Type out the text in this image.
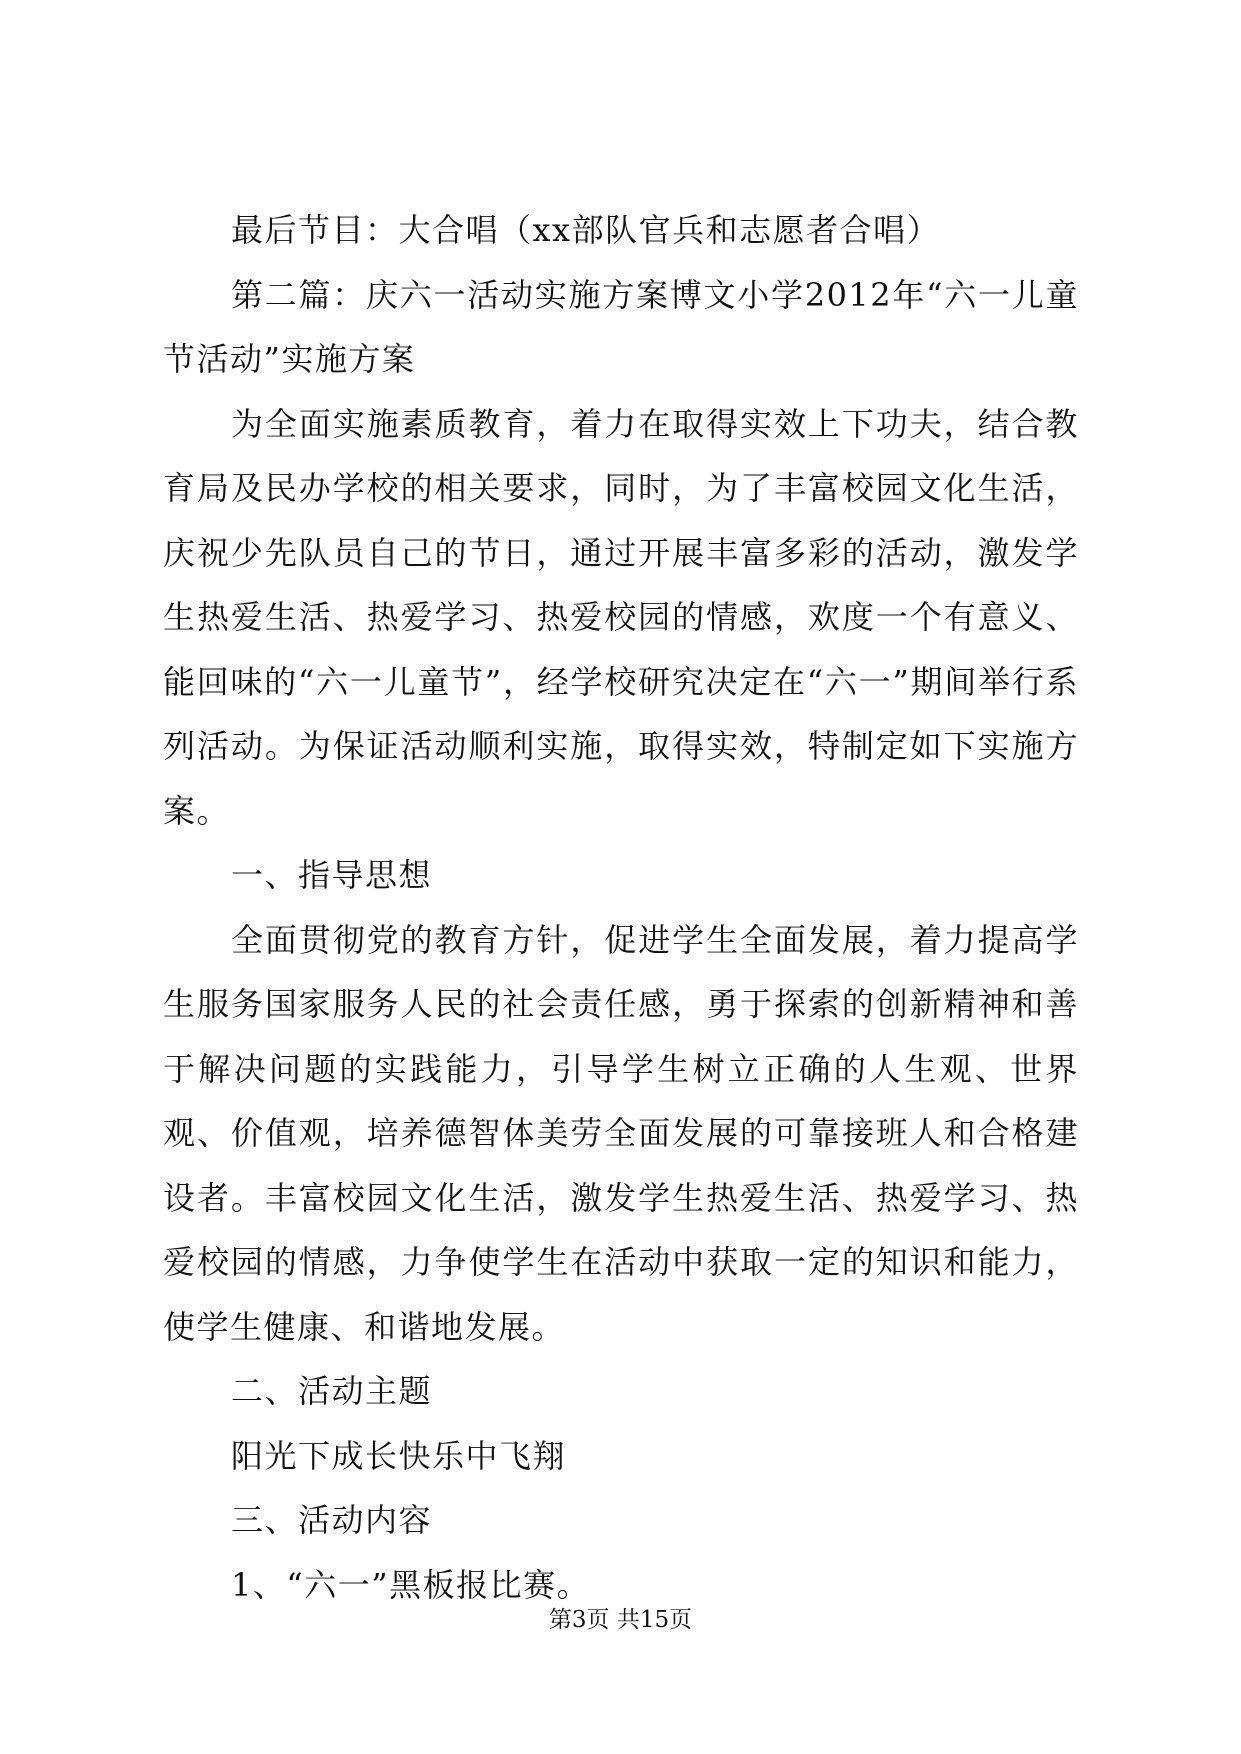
最后节目：大合唱（xx部队官兵和志愿者合唱）

第二篇：庆六一活动实施方案博文小学2012年“六一儿童节活动”实施方案

为全面实施素质教育，着力在取得实效上下功夫，结合教育局及民办学校的相关要求，同时，为了丰富校园文化生活，庆祝少先队员自己的节日，通过开展丰富多彩的活动，激发学生热爱生活、热爱学习、热爱校园的情感，欢度一个有意义、能回味的“六一儿童节”，经学校研究决定在“六一”期间举行系列活动。为保证活动顺利实施，取得实效，特制定如下实施方案。

一、指导思想

全面贯彻党的教育方针，促进学生全面发展，着力提高学生服务国家服务人民的社会责任感，勇于探索的创新精神和善于解决问题的实践能力，引导学生树立正确的人生观、世界观、价值观，培养德智体美劳全面发展的可靠接班人和合格建设者。丰富校园文化生活，激发学生热爱生活、热爱学习、热爱校园的情感，力争使学生在活动中获取一定的知识和能力，使学生健康、和谐地发展。

二、活动主题

阳光下成长快乐中飞翔

三、活动内容

1、“六一”黑板报比赛。

第3页 共15页
